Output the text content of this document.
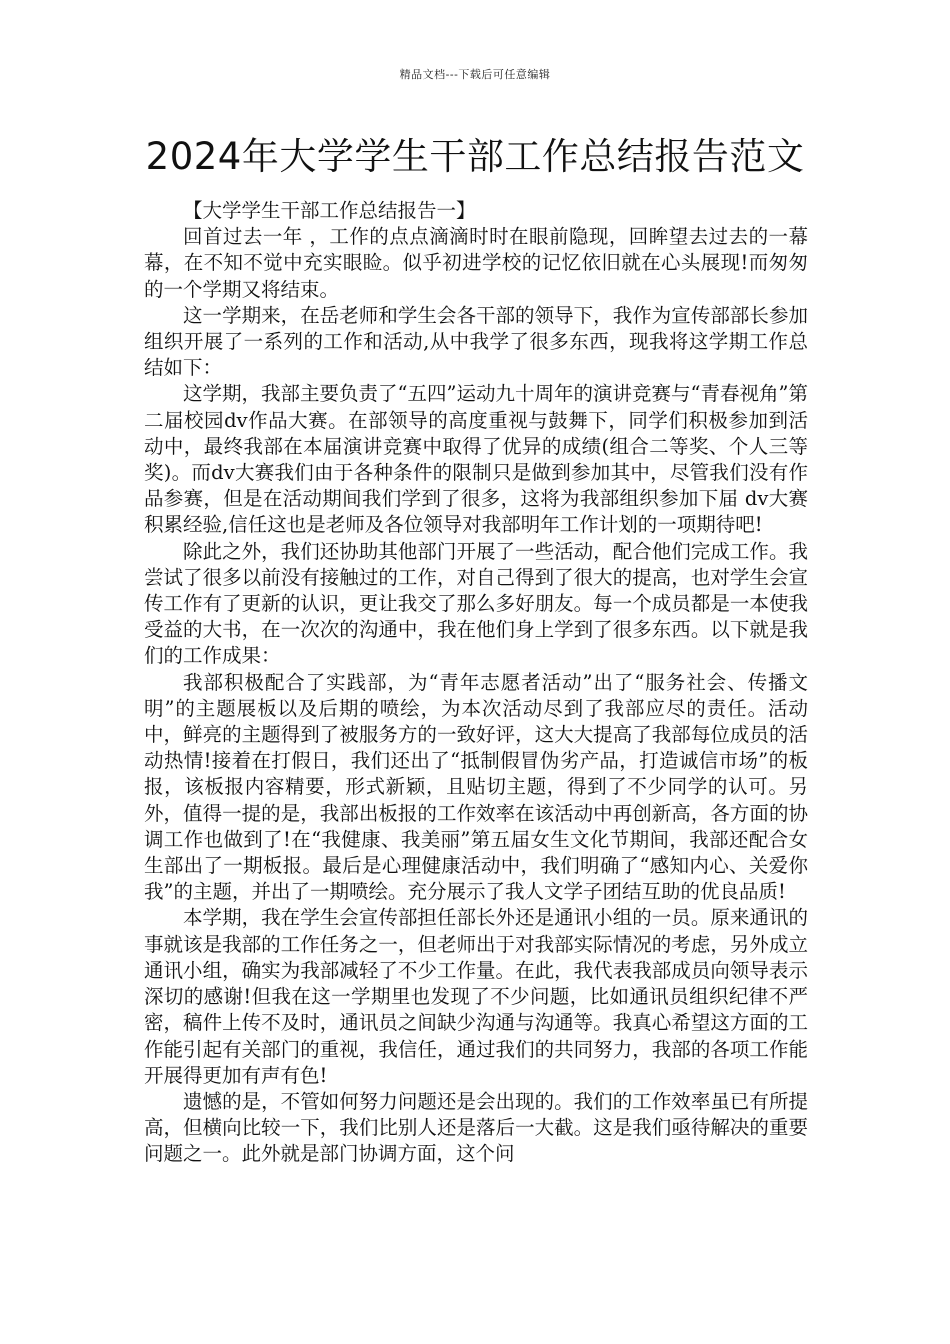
精品文档---下载后可任意编辑
2024年大学学生干部工作总结报告范文

【大学学生干部工作总结报告一】

回首过去一年 ，工作的点点滴滴时时在眼前隐现，回眸望去过去的一幕幕，在不知不觉中充实眼睑。似乎初进学校的记忆依旧就在心头展现!而匆匆的一个学期又将结束。

这一学期来，在岳老师和学生会各干部的领导下，我作为宣传部部长参加组织开展了一系列的工作和活动,从中我学了很多东西，现我将这学期工作总结如下：

这学期，我部主要负责了“五四”运动九十周年的演讲竞赛与“青春视角”第二届校园dv作品大赛。在部领导的高度重视与鼓舞下，同学们积极参加到活动中，最终我部在本届演讲竞赛中取得了优异的成绩(组合二等奖、个人三等奖)。而dv大赛我们由于各种条件的限制只是做到参加其中，尽管我们没有作品参赛，但是在活动期间我们学到了很多，这将为我部组织参加下届 dv大赛积累经验,信任这也是老师及各位领导对我部明年工作计划的一项期待吧!

除此之外，我们还协助其他部门开展了一些活动，配合他们完成工作。我尝试了很多以前没有接触过的工作，对自己得到了很大的提高，也对学生会宣传工作有了更新的认识，更让我交了那么多好朋友。每一个成员都是一本使我受益的大书，在一次次的沟通中，我在他们身上学到了很多东西。以下就是我们的工作成果：

我部积极配合了实践部，为“青年志愿者活动”出了“服务社会、传播文明”的主题展板以及后期的喷绘，为本次活动尽到了我部应尽的责任。活动中，鲜亮的主题得到了被服务方的一致好评，这大大提高了我部每位成员的活动热情!接着在打假日，我们还出了“抵制假冒伪劣产品，打造诚信市场”的板报，该板报内容精要，形式新颖，且贴切主题，得到了不少同学的认可。另外，值得一提的是，我部出板报的工作效率在该活动中再创新高，各方面的协调工作也做到了!在“我健康、我美丽”第五届女生文化节期间，我部还配合女生部出了一期板报。最后是心理健康活动中，我们明确了“感知内心、关爱你我”的主题，并出了一期喷绘。充分展示了我人文学子团结互助的优良品质!

本学期，我在学生会宣传部担任部长外还是通讯小组的一员。原来通讯的事就该是我部的工作任务之一，但老师出于对我部实际情况的考虑，另外成立通讯小组，确实为我部减轻了不少工作量。在此，我代表我部成员向领导表示深切的感谢!但我在这一学期里也发现了不少问题，比如通讯员组织纪律不严密，稿件上传不及时，通讯员之间缺少沟通与沟通等。我真心希望这方面的工作能引起有关部门的重视，我信任，通过我们的共同努力，我部的各项工作能开展得更加有声有色!

遗憾的是，不管如何努力问题还是会出现的。我们的工作效率虽已有所提高，但横向比较一下，我们比别人还是落后一大截。这是我们亟待解决的重要问题之一。此外就是部门协调方面，这个问
